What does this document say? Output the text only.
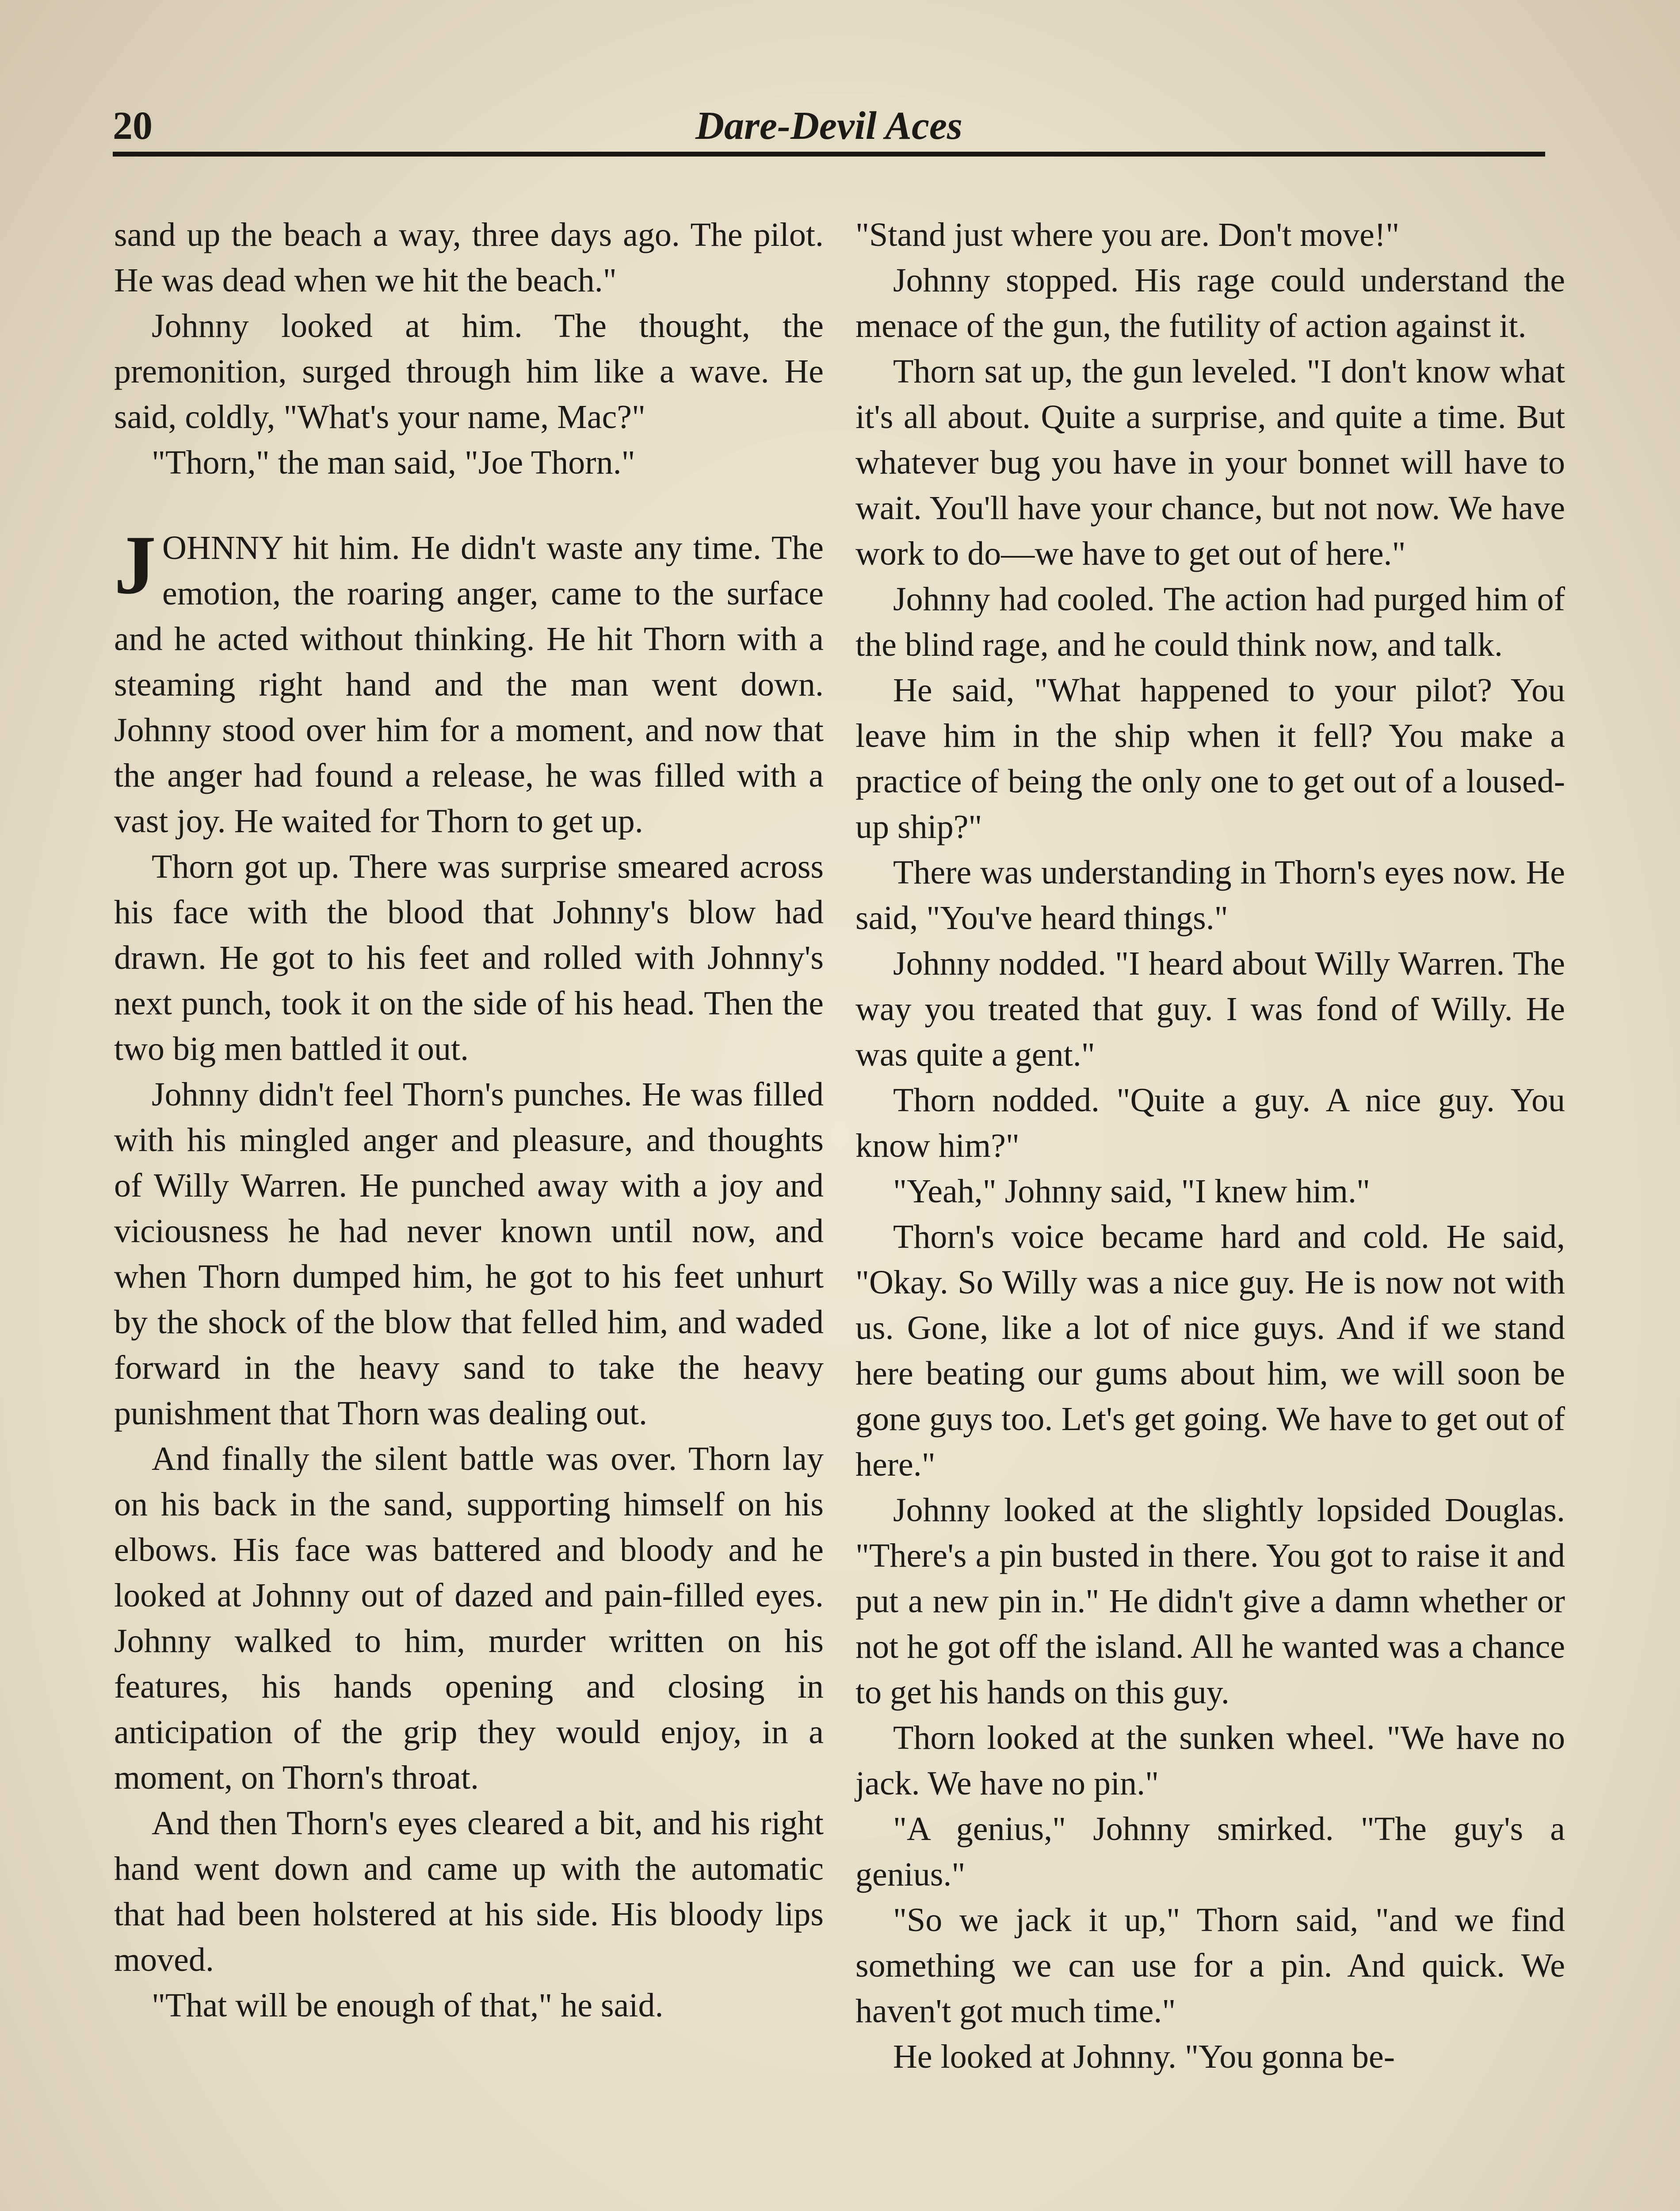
20	Dare-Devil Aces

sand up the beach a way, three days ago. The pilot. He was dead when we hit the beach."

Johnny looked at him. The thought, the premonition, surged through him like a wave. He said, coldly, "What's your name, Mac?"

"Thorn," the man said, "Joe Thorn."

JOHNNY hit him. He didn't waste any time. The emotion, the roaring anger, came to the surface and he acted without thinking. He hit Thorn with a steaming right hand and the man went down. Johnny stood over him for a moment, and now that the anger had found a release, he was filled with a vast joy. He waited for Thorn to get up.

Thorn got up. There was surprise smeared across his face with the blood that Johnny's blow had drawn. He got to his feet and rolled with Johnny's next punch, took it on the side of his head. Then the two big men battled it out.

Johnny didn't feel Thorn's punches. He was filled with his mingled anger and pleasure, and thoughts of Willy Warren. He punched away with a joy and viciousness he had never known until now, and when Thorn dumped him, he got to his feet unhurt by the shock of the blow that felled him, and waded forward in the heavy sand to take the heavy punishment that Thorn was dealing out.

And finally the silent battle was over. Thorn lay on his back in the sand, supporting himself on his elbows. His face was battered and bloody and he looked at Johnny out of dazed and pain-filled eyes. Johnny walked to him, murder written on his features, his hands opening and closing in anticipation of the grip they would enjoy, in a moment, on Thorn's throat.

And then Thorn's eyes cleared a bit, and his right hand went down and came up with the automatic that had been holstered at his side. His bloody lips moved.

"That will be enough of that," he said.

"Stand just where you are. Don't move!"

Johnny stopped. His rage could understand the menace of the gun, the futility of action against it.

Thorn sat up, the gun leveled. "I don't know what it's all about. Quite a surprise, and quite a time. But whatever bug you have in your bonnet will have to wait. You'll have your chance, but not now. We have work to do—we have to get out of here."

Johnny had cooled. The action had purged him of the blind rage, and he could think now, and talk.

He said, "What happened to your pilot? You leave him in the ship when it fell? You make a practice of being the only one to get out of a loused-up ship?"

There was understanding in Thorn's eyes now. He said, "You've heard things."

Johnny nodded. "I heard about Willy Warren. The way you treated that guy. I was fond of Willy. He was quite a gent."

Thorn nodded. "Quite a guy. A nice guy. You know him?"

"Yeah," Johnny said, "I knew him."

Thorn's voice became hard and cold. He said, "Okay. So Willy was a nice guy. He is now not with us. Gone, like a lot of nice guys. And if we stand here beating our gums about him, we will soon be gone guys too. Let's get going. We have to get out of here."

Johnny looked at the slightly lopsided Douglas. "There's a pin busted in there. You got to raise it and put a new pin in." He didn't give a damn whether or not he got off the island. All he wanted was a chance to get his hands on this guy.

Thorn looked at the sunken wheel. "We have no jack. We have no pin."

"A genius," Johnny smirked. "The guy's a genius."

"So we jack it up," Thorn said, "and we find something we can use for a pin. And quick. We haven't got much time."

He looked at Johnny. "You gonna be-
